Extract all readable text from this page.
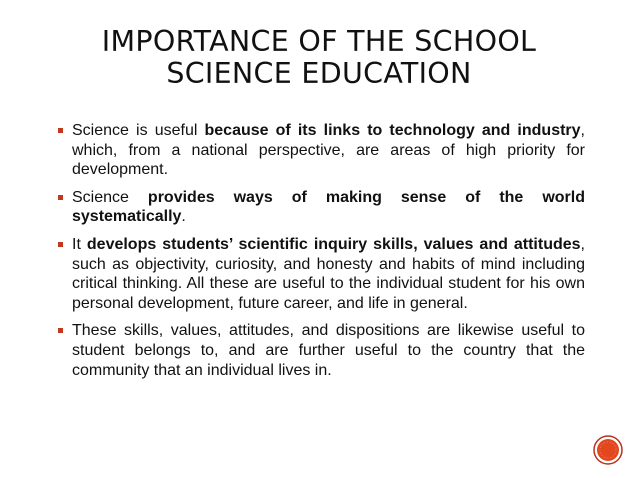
IMPORTANCE OF THE SCHOOL
SCIENCE EDUCATION
Science is useful because of its links to technology and industry, which, from a national perspective, are areas of high priority for development.
Science provides ways of making sense of the world systematically.
It develops students’ scientific inquiry skills, values and attitudes, such as objectivity, curiosity, and honesty and habits of mind including critical thinking. All these are useful to the individual student for his own personal development, future career, and life in general.
These skills, values, attitudes, and dispositions are likewise useful to student belongs to, and are further useful to the country that the community that an individual lives in.
